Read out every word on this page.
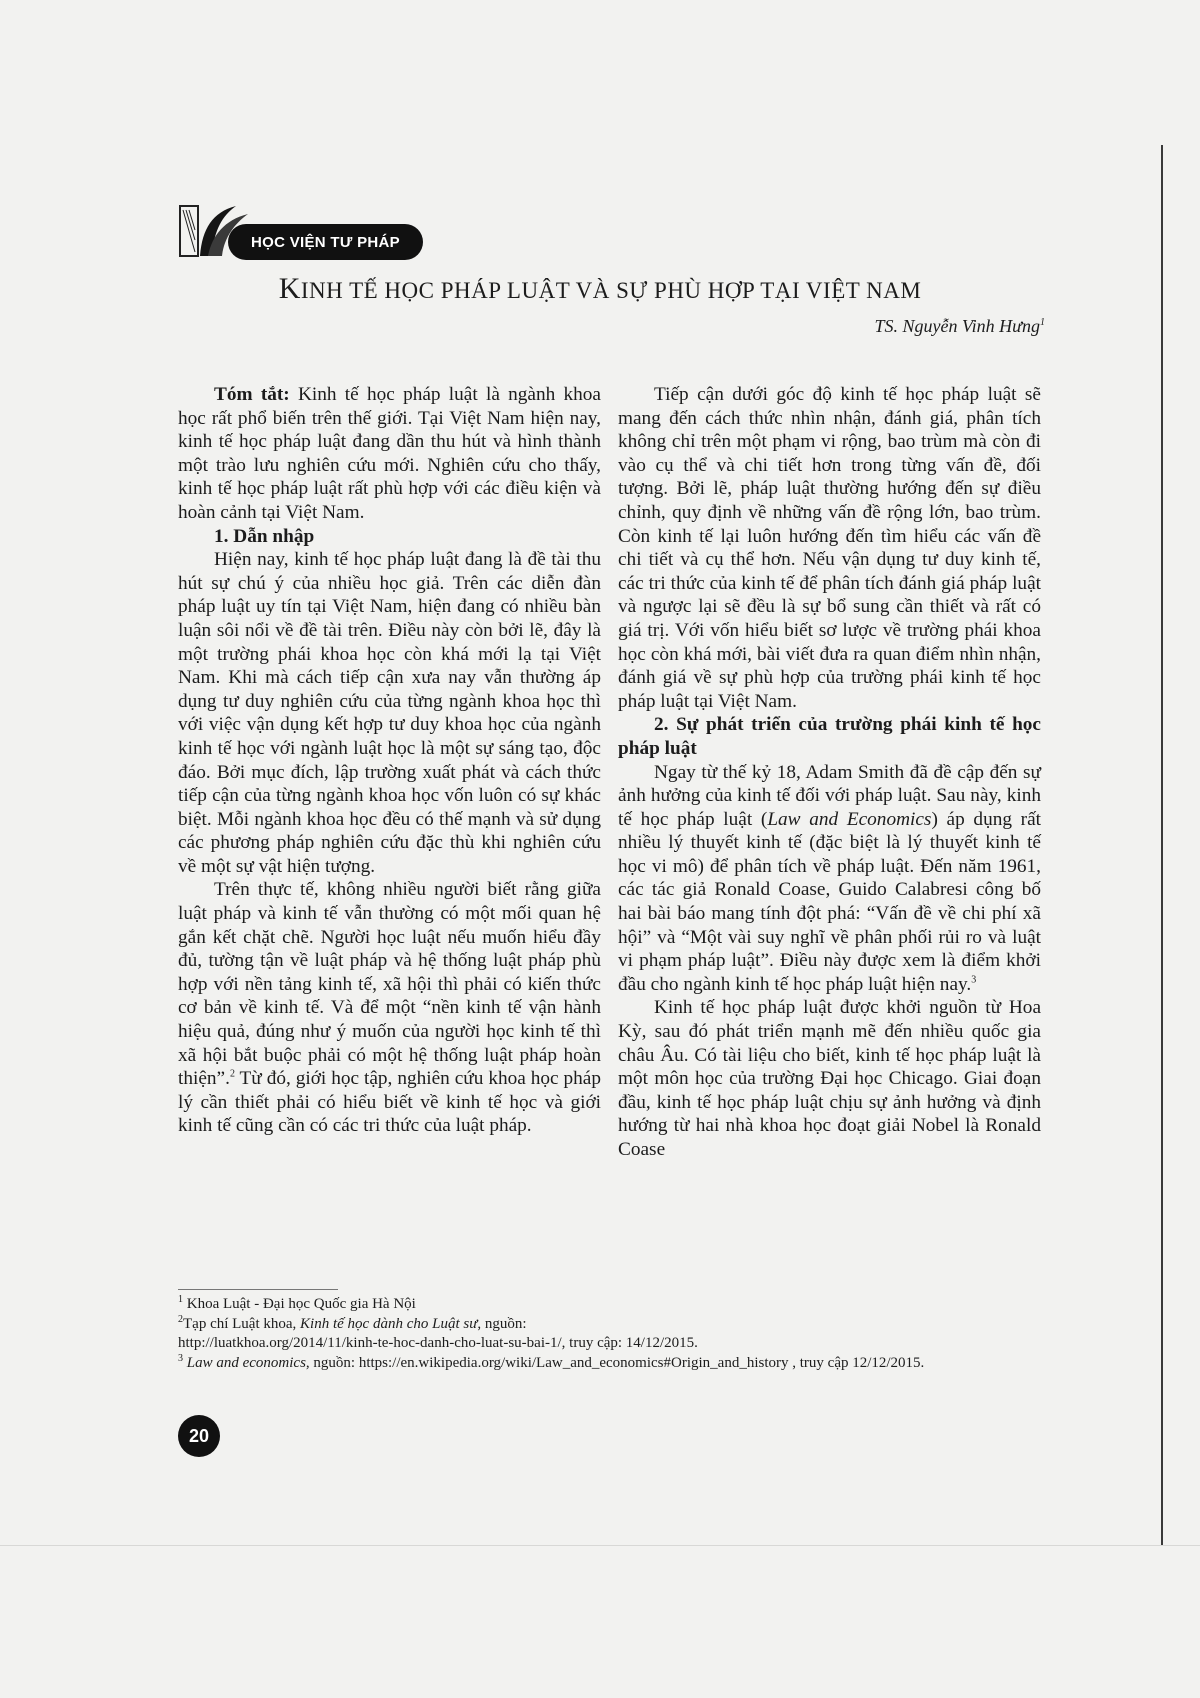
HỌC VIỆN TƯ PHÁP
KINH TẾ HỌC PHÁP LUẬT VÀ SỰ PHÙ HỢP TẠI VIỆT NAM
TS. Nguyễn Vinh Hưng$^1$

Tóm tắt: Kinh tế học pháp luật là ngành khoa học rất phổ biến trên thế giới. Tại Việt Nam hiện nay, kinh tế học pháp luật đang dần thu hút và hình thành một trào lưu nghiên cứu mới. Nghiên cứu cho thấy, kinh tế học pháp luật rất phù hợp với các điều kiện và hoàn cảnh tại Việt Nam.

1. Dẫn nhập

Hiện nay, kinh tế học pháp luật đang là đề tài thu hút sự chú ý của nhiều học giả. Trên các diễn đàn pháp luật uy tín tại Việt Nam, hiện đang có nhiều bàn luận sôi nổi về đề tài trên. Điều này còn bởi lẽ, đây là một trường phái khoa học còn khá mới lạ tại Việt Nam. Khi mà cách tiếp cận xưa nay vẫn thường áp dụng tư duy nghiên cứu của từng ngành khoa học thì với việc vận dụng kết hợp tư duy khoa học của ngành kinh tế học với ngành luật học là một sự sáng tạo, độc đáo. Bởi mục đích, lập trường xuất phát và cách thức tiếp cận của từng ngành khoa học vốn luôn có sự khác biệt. Mỗi ngành khoa học đều có thế mạnh và sử dụng các phương pháp nghiên cứu đặc thù khi nghiên cứu về một sự vật hiện tượng.

Trên thực tế, không nhiều người biết rằng giữa luật pháp và kinh tế vẫn thường có một mối quan hệ gắn kết chặt chẽ. Người học luật nếu muốn hiểu đầy đủ, tường tận về luật pháp và hệ thống luật pháp phù hợp với nền tảng kinh tế, xã hội thì phải có kiến thức cơ bản về kinh tế. Và để một “nền kinh tế vận hành hiệu quả, đúng như ý muốn của người học kinh tế thì xã hội bắt buộc phải có một hệ thống luật pháp hoàn thiện”.$^2$ Từ đó, giới học tập, nghiên cứu khoa học pháp lý cần thiết phải có hiểu biết về kinh tế học và giới kinh tế cũng cần có các tri thức của luật pháp.

Tiếp cận dưới góc độ kinh tế học pháp luật sẽ mang đến cách thức nhìn nhận, đánh giá, phân tích không chỉ trên một phạm vi rộng, bao trùm mà còn đi vào cụ thể và chi tiết hơn trong từng vấn đề, đối tượng. Bởi lẽ, pháp luật thường hướng đến sự điều chỉnh, quy định về những vấn đề rộng lớn, bao trùm. Còn kinh tế lại luôn hướng đến tìm hiểu các vấn đề chi tiết và cụ thể hơn. Nếu vận dụng tư duy kinh tế, các tri thức của kinh tế để phân tích đánh giá pháp luật và ngược lại sẽ đều là sự bổ sung cần thiết và rất có giá trị. Với vốn hiểu biết sơ lược về trường phái khoa học còn khá mới, bài viết đưa ra quan điểm nhìn nhận, đánh giá về sự phù hợp của trường phái kinh tế học pháp luật tại Việt Nam.

2. Sự phát triển của trường phái kinh tế học pháp luật

Ngay từ thế kỷ 18, Adam Smith đã đề cập đến sự ảnh hưởng của kinh tế đối với pháp luật. Sau này, kinh tế học pháp luật (Law and Economics) áp dụng rất nhiều lý thuyết kinh tế (đặc biệt là lý thuyết kinh tế học vi mô) để phân tích về pháp luật. Đến năm 1961, các tác giả Ronald Coase, Guido Calabresi công bố hai bài báo mang tính đột phá: “Vấn đề về chi phí xã hội” và “Một vài suy nghĩ về phân phối rủi ro và luật vi phạm pháp luật”. Điều này được xem là điểm khởi đầu cho ngành kinh tế học pháp luật hiện nay.$^3$

Kinh tế học pháp luật được khởi nguồn từ Hoa Kỳ, sau đó phát triển mạnh mẽ đến nhiều quốc gia châu Âu. Có tài liệu cho biết, kinh tế học pháp luật là một môn học của trường Đại học Chicago. Giai đoạn đầu, kinh tế học pháp luật chịu sự ảnh hưởng và định hướng từ hai nhà khoa học đoạt giải Nobel là Ronald Coase

$^1$ Khoa Luật - Đại học Quốc gia Hà Nội

$^2$Tạp chí Luật khoa, Kinh tế học dành cho Luật sư, nguồn:

http://luatkhoa.org/2014/11/kinh-te-hoc-danh-cho-luat-su-bai-1/, truy cập: 14/12/2015.

$^3$ Law and economics, nguồn: https://en.wikipedia.org/wiki/Law_and_economics#Origin_and_history , truy cập 12/12/2015.

20
